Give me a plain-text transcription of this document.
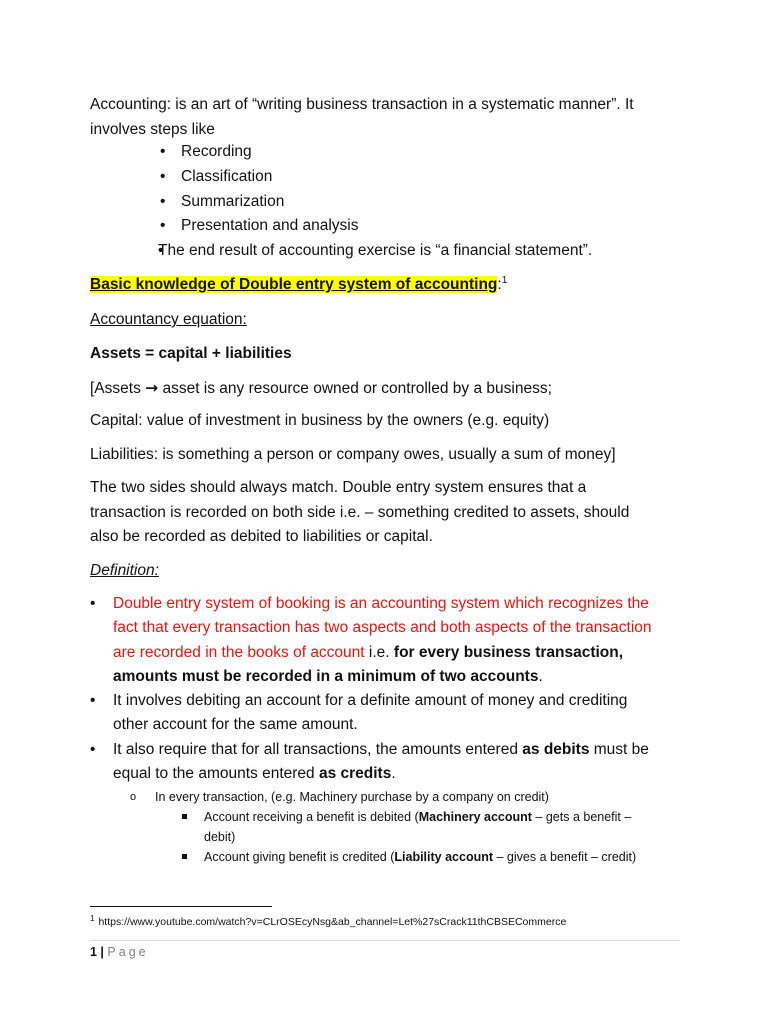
Accounting: is an art of “writing business transaction in a systematic manner”. It
involves steps like

• Recording
• Classification
• Summarization
• Presentation and analysis
• The end result of accounting exercise is “a financial statement”.

Basic knowledge of Double entry system of accounting:$^1$

Accountancy equation:

Assets = capital + liabilities

[Assets → asset is any resource owned or controlled by a business;

Capital: value of investment in business by the owners (e.g. equity)

Liabilities: is something a person or company owes, usually a sum of money]

The two sides should always match. Double entry system ensures that a
transaction is recorded on both side i.e. – something credited to assets, should
also be recorded as debited to liabilities or capital.

Definition:

• Double entry system of booking is an accounting system which recognizes the
fact that every transaction has two aspects and both aspects of the transaction
are recorded in the books of account i.e. for every business transaction,
amounts must be recorded in a minimum of two accounts.
• It involves debiting an account for a definite amount of money and crediting
other account for the same amount.
• It also require that for all transactions, the amounts entered as debits must be
equal to the amounts entered as credits.
o In every transaction, (e.g. Machinery purchase by a company on credit)
Account receiving a benefit is debited (Machinery account – gets a benefit –
debit)
Account giving benefit is credited (Liability account – gives a benefit – credit)
$^1$ https://www.youtube.com/watch?v=CLrOSEcyNsg&ab_channel=Let%27sCrack11thCBSECommerce
1 | Page
